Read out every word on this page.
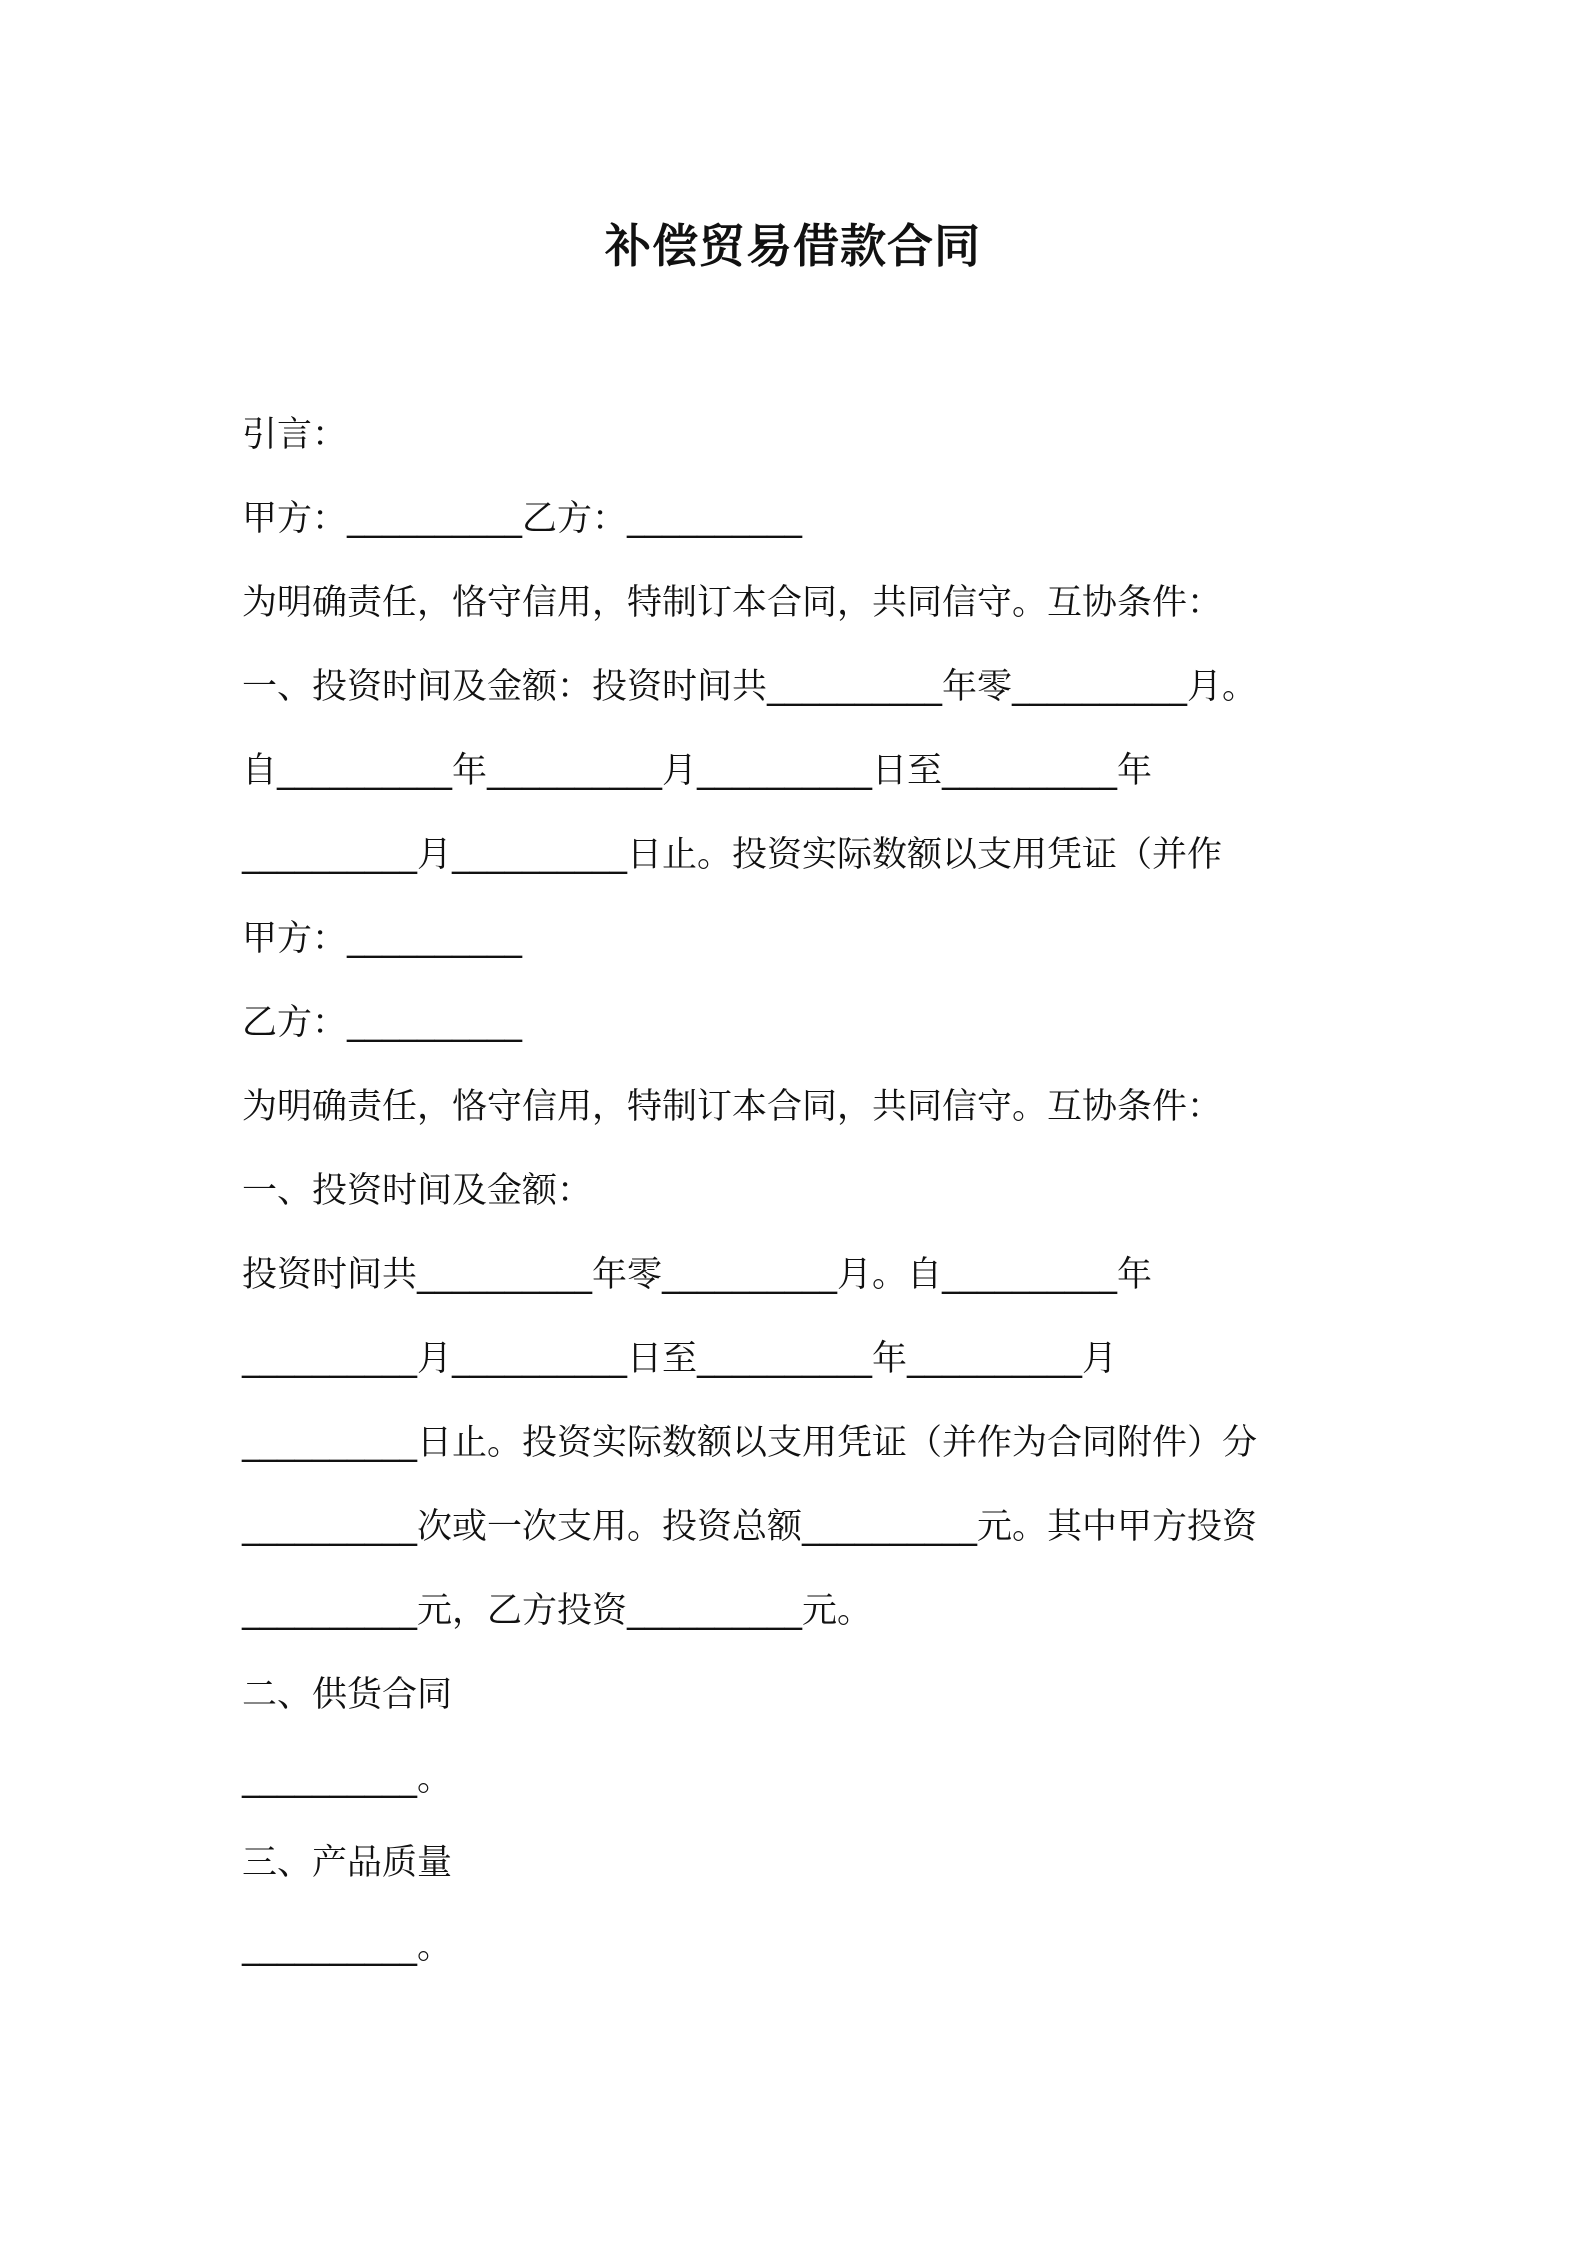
补偿贸易借款合同

引言：

甲方：__________乙方：__________

为明确责任，恪守信用，特制订本合同，共同信守。互协条件：

一、投资时间及金额：投资时间共__________年零__________月。

自__________年__________月__________日至__________年

__________月__________日止。投资实际数额以支用凭证（并作

甲方：__________

乙方：__________

为明确责任，恪守信用，特制订本合同，共同信守。互协条件：

一、投资时间及金额：

投资时间共__________年零__________月。自__________年

__________月__________日至__________年__________月

__________日止。投资实际数额以支用凭证（并作为合同附件）分

__________次或一次支用。投资总额__________元。其中甲方投资

__________元，乙方投资__________元。

二、供货合同

__________。

三、产品质量

__________。
